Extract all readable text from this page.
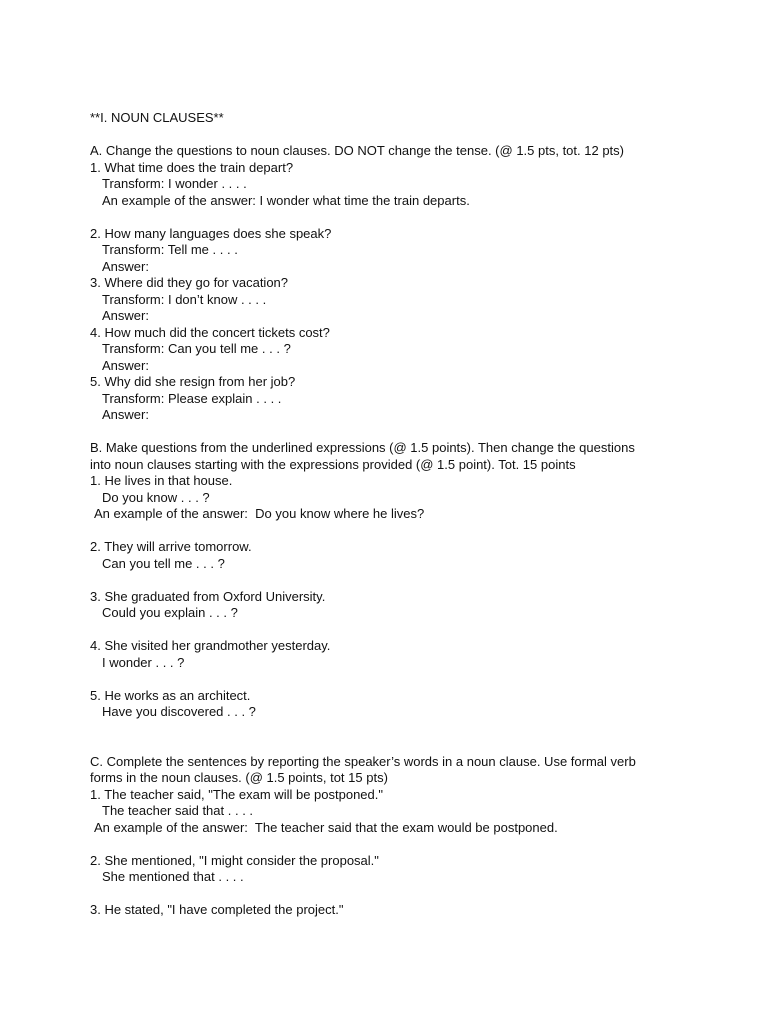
**I. NOUN CLAUSES**
A. Change the questions to noun clauses. DO NOT change the tense. (@ 1.5 pts, tot. 12 pts)
1. What time does the train depart?
Transform: I wonder . . . .
An example of the answer: I wonder what time the train departs.
2. How many languages does she speak?
Transform: Tell me . . . .
Answer:
3. Where did they go for vacation?
Transform: I don’t know . . . .
Answer:
4. How much did the concert tickets cost?
Transform: Can you tell me . . . ?
Answer:
5. Why did she resign from her job?
Transform: Please explain . . . .
Answer:
B. Make questions from the underlined expressions (@ 1.5 points). Then change the questions
into noun clauses starting with the expressions provided (@ 1.5 point). Tot. 15 points
1. He lives in that house.
Do you know . . . ?
An example of the answer:  Do you know where he lives?
2. They will arrive tomorrow.
Can you tell me . . . ?
3. She graduated from Oxford University.
Could you explain . . . ?
4. She visited her grandmother yesterday.
I wonder . . . ?
5. He works as an architect.
Have you discovered . . . ?
C. Complete the sentences by reporting the speaker’s words in a noun clause. Use formal verb
forms in the noun clauses. (@ 1.5 points, tot 15 pts)
1. The teacher said, "The exam will be postponed."
The teacher said that . . . .
An example of the answer:  The teacher said that the exam would be postponed.
2. She mentioned, "I might consider the proposal."
She mentioned that . . . .
3. He stated, "I have completed the project."
